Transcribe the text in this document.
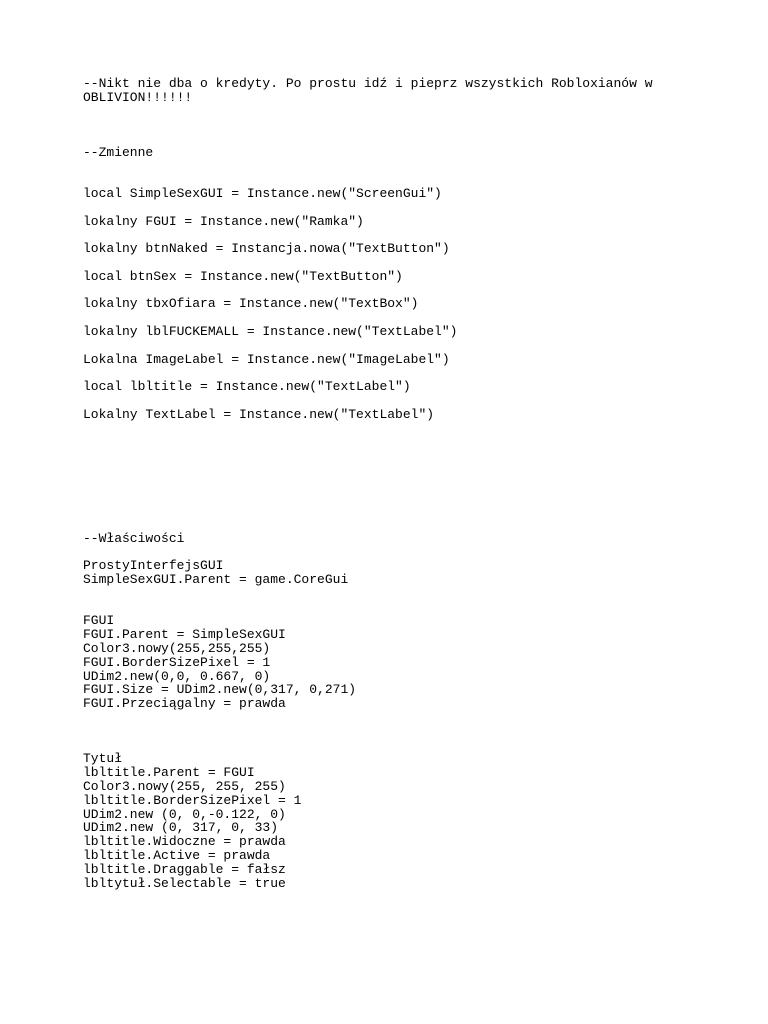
--Nikt nie dba o kredyty. Po prostu idź i pieprz wszystkich Robloxianów w

OBLIVION!!!!!!

--Zmienne

local SimpleSexGUI = Instance.new("ScreenGui")

lokalny FGUI = Instance.new("Ramka")

lokalny btnNaked = Instancja.nowa("TextButton")

local btnSex = Instance.new("TextButton")

lokalny tbxOfiara = Instance.new("TextBox")

lokalny lblFUCKEMALL = Instance.new("TextLabel")

Lokalna ImageLabel = Instance.new("ImageLabel")

local lbltitle = Instance.new("TextLabel")

Lokalny TextLabel = Instance.new("TextLabel")

--Właściwości

ProstyInterfejsGUI

SimpleSexGUI.Parent = game.CoreGui

FGUI

FGUI.Parent = SimpleSexGUI

Color3.nowy(255,255,255)

FGUI.BorderSizePixel = 1

UDim2.new(0,0, 0.667, 0)

FGUI.Size = UDim2.new(0,317, 0,271)

FGUI.Przeciągalny = prawda

Tytuł

lbltitle.Parent = FGUI

Color3.nowy(255, 255, 255)

lbltitle.BorderSizePixel = 1

UDim2.new (0, 0,-0.122, 0)

UDim2.new (0, 317, 0, 33)

lbltitle.Widoczne = prawda

lbltitle.Active = prawda

lbltitle.Draggable = fałsz

lbltytuł.Selectable = true
